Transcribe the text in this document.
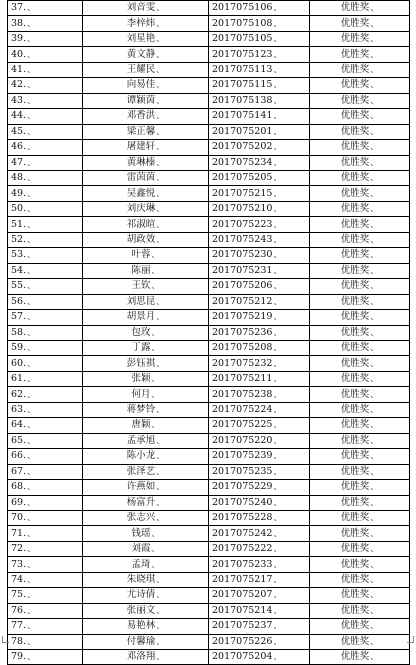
37.、	刘音雯、	2017075106、	优胜奖、
38.、	李梓炜、	2017075108、	优胜奖、
39.、	刘星艳、	2017075105、	优胜奖、
40.、	黄文静、	2017075123、	优胜奖、
41.、	王耀民、	2017075113、	优胜奖、
42.、	向易佳、	2017075115、	优胜奖、
43.、	谭颖茵、	2017075138、	优胜奖、
44.、	邓香洪、	2017075141、	优胜奖、
45.、	梁正馨、	2017075201、	优胜奖、
46.、	屠建轩、	2017075202、	优胜奖、
47.、	黄琳榛、	2017075234、	优胜奖、
48.、	雷茵茵、	2017075205、	优胜奖、
49.、	吴鑫悦、	2017075215、	优胜奖、
50.、	刘庆琳、	2017075210、	优胜奖、
51.、	祁淑暄、	2017075223、	优胜奖、
52.、	胡政效、	2017075243、	优胜奖、
53.、	叶蓉、	2017075230、	优胜奖、
54.、	陈丽、	2017075231、	优胜奖、
55.、	王钦、	2017075206、	优胜奖、
56.、	刘思昆、	2017075212、	优胜奖、
57.、	胡景月、	2017075219、	优胜奖、
58.、	包玫、	2017075236、	优胜奖、
59.、	丁露、	2017075208、	优胜奖、
60.、	彭钰祺、	2017075232、	优胜奖、
61.、	张颖、	2017075211、	优胜奖、
62.、	何月、	2017075238、	优胜奖、
63.、	蒋梦铃、	2017075224、	优胜奖、
64.、	唐颖、	2017075225、	优胜奖、
65.、	孟承旭、	2017075220、	优胜奖、
66.、	陈小龙、	2017075239、	优胜奖、
67.、	张泽艺、	2017075235、	优胜奖、
68.、	许燕如、	2017075229、	优胜奖、
69.、	杨富升、	2017075240、	优胜奖、
70.、	张志兴、	2017075228、	优胜奖、
71.、	钱瑶、	2017075242、	优胜奖、
72.、	刘霞、	2017075222、	优胜奖、
73.、	孟琦、	2017075233、	优胜奖、
74.、	朱晓琪、	2017075217、	优胜奖、
75.、	尤诗倩、	2017075207、	优胜奖、
76.、	张丽文、	2017075214、	优胜奖、
77.、	易艳林、	2017075237、	优胜奖、
78.、	付馨瑜、	2017075226、	优胜奖、
79.、	邓洛翔、	2017075204、	优胜奖、
